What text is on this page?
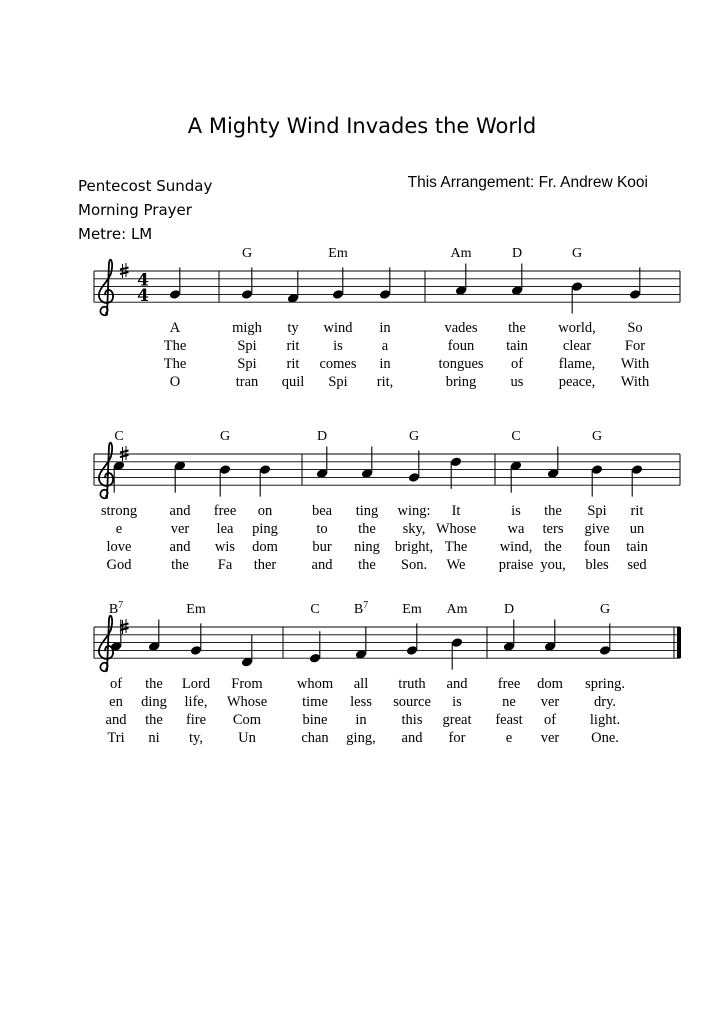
A Mighty Wind Invades the World
Pentecost Sunday
Morning Prayer
Metre: LM
This Arrangement: Fr. Andrew Kooi
4
4
G	Em	Am	D	G
A	migh ty wind in	vades the world, So
The	Spi rit is	a	foun tain clear For
The	Spi rit comes in	tongues of flame, With
O	tran quil Spi rit,	bring us peace, With
C	G	D	G	C	G
strong and free on	bea ting wing: It	is the Spi rit
e	ver lea ping	to the sky, Whose wa ters give un
love	and wis dom bur ning bright, The wind, the foun tain
God	the Fa ther and the Son. We praise you, bles sed
$B^7$	Em	C $B^7$ Em Am	D	G
of the Lord From whom all truth and free dom spring.
en ding life, Whose time less source is	ne ver dry.
and the fire Com	bine in this great feast of light.
Tri ni ty, Un	chan ging, and for	e ver One.
